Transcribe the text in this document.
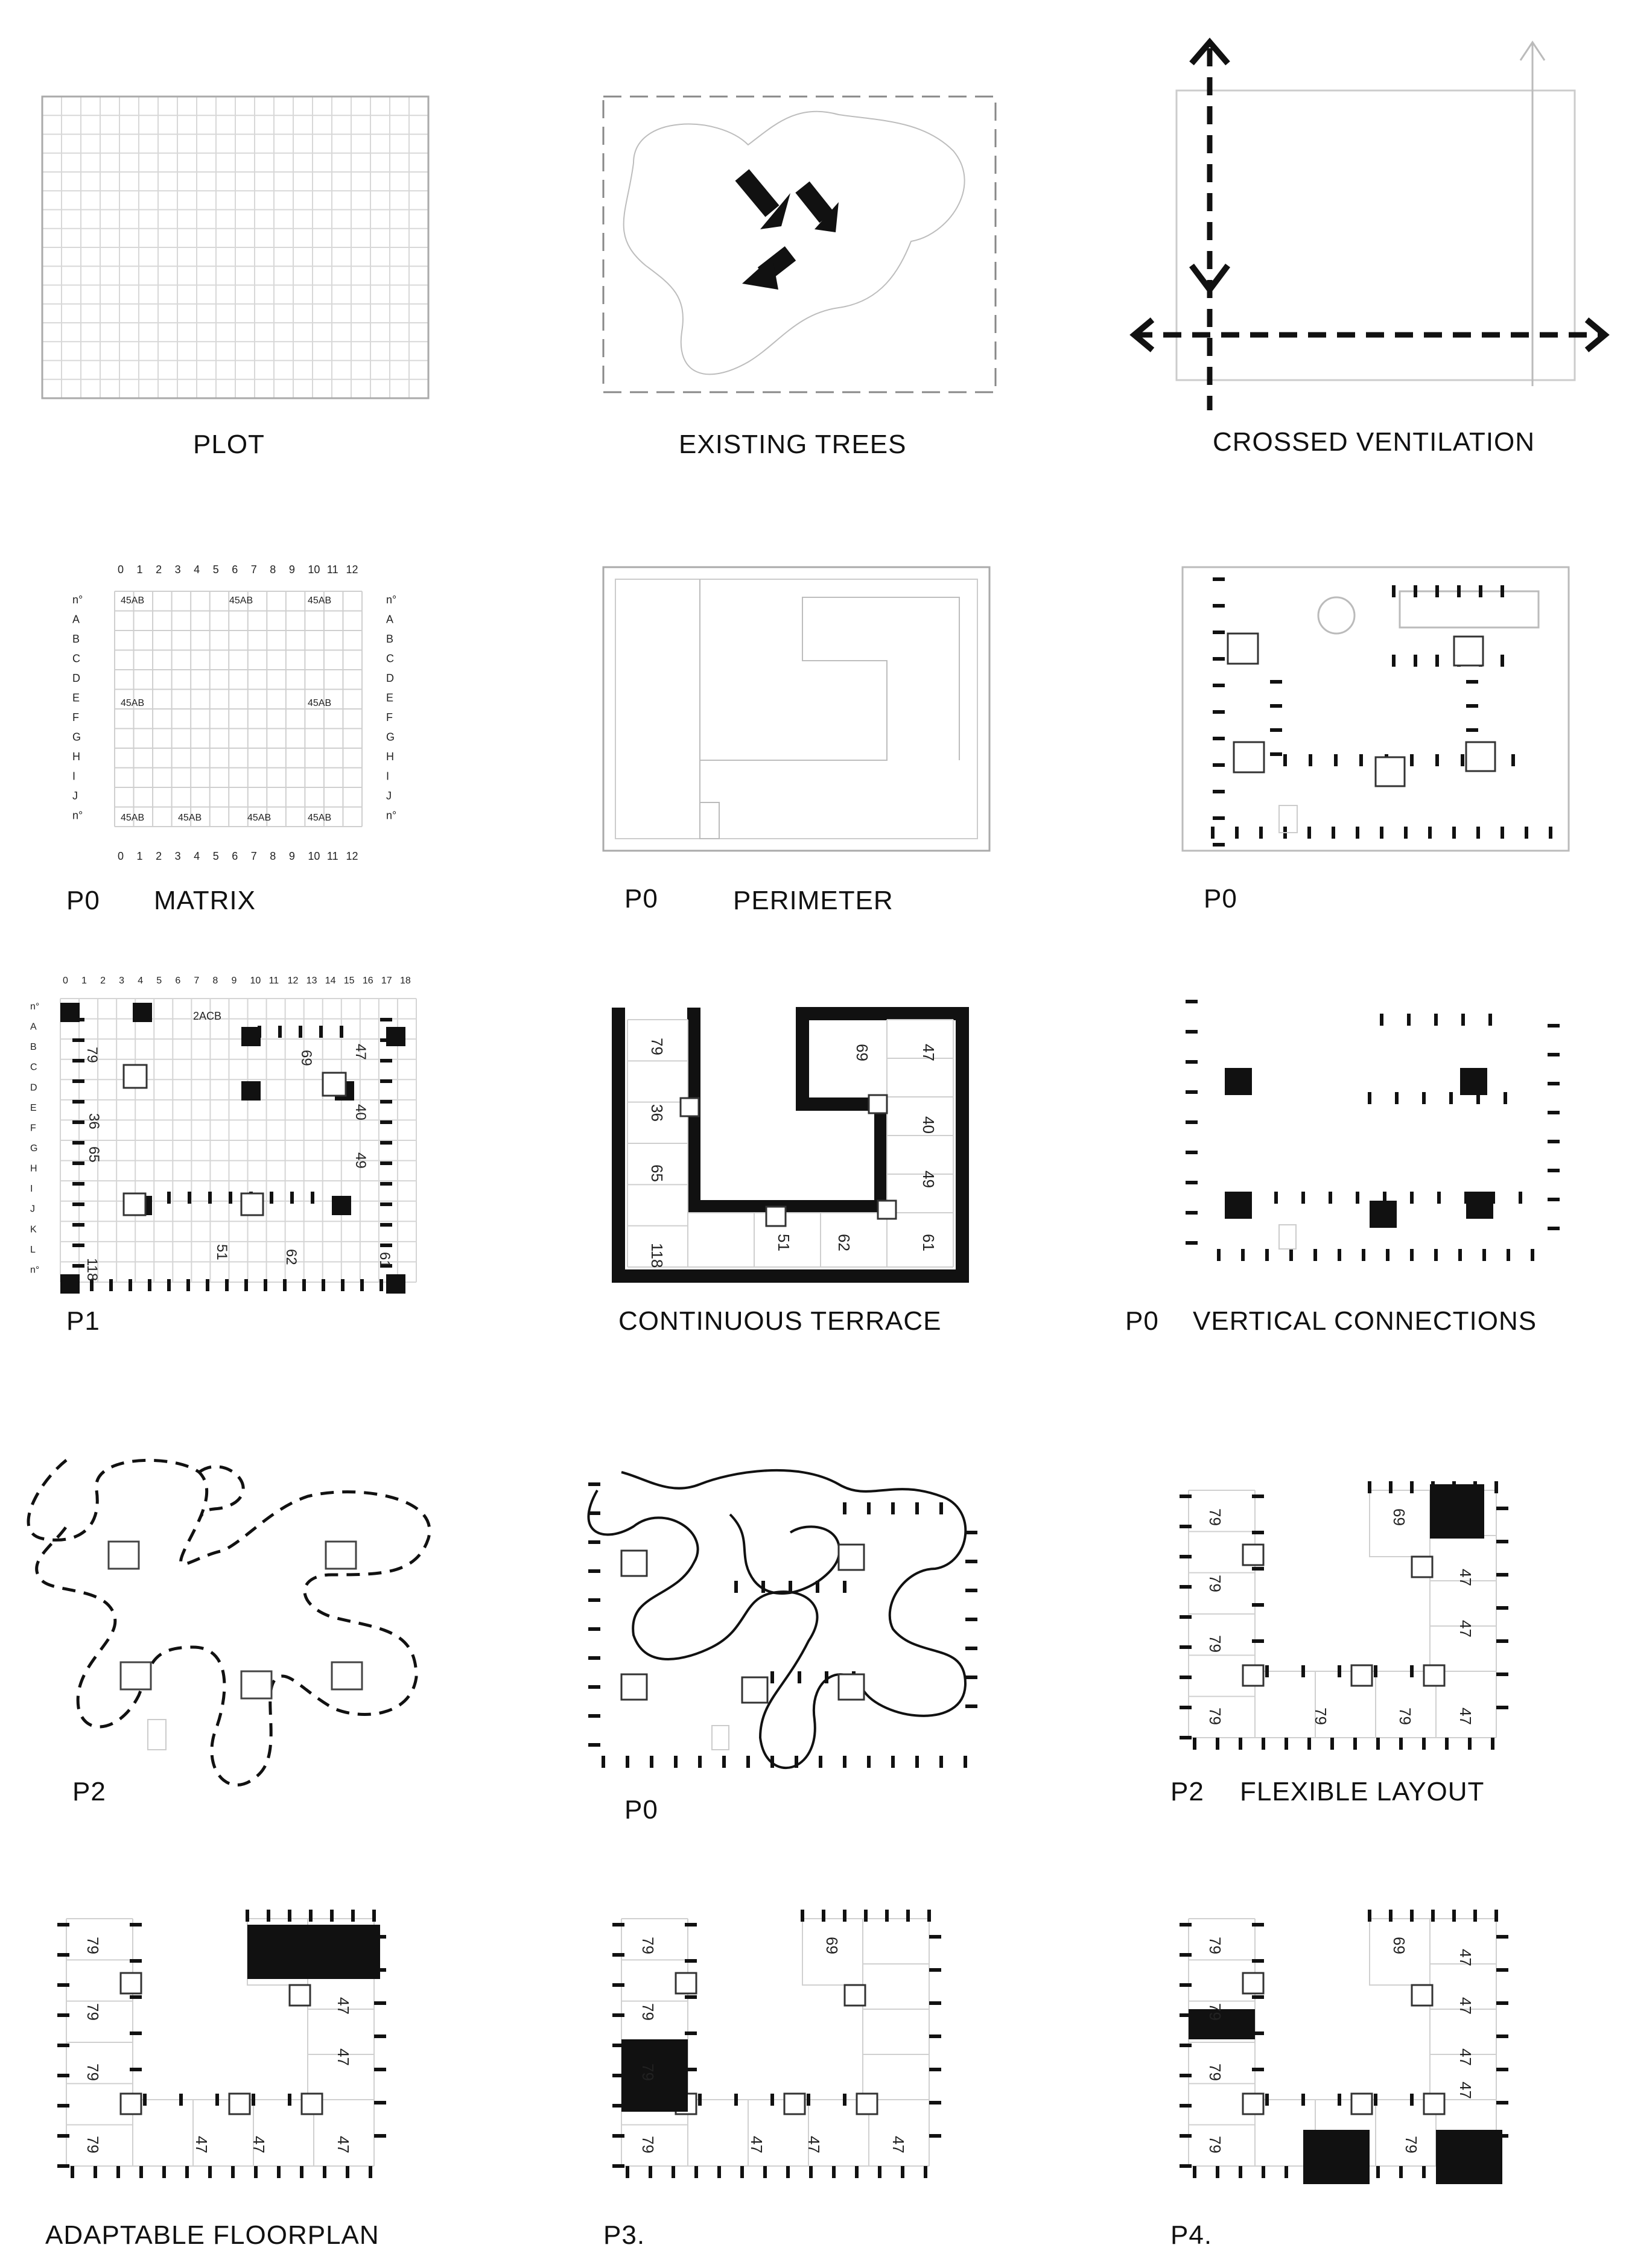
PLOT	EXISTING TREES	CROSSED VENTILATION
0
0
1
1
2
2
3
3
4
4
5
5
6
6
7
7
8
8
9
9
10
10
11
11
12
12
n°	n°
A	A
B	B
C	C
D	D
E	E
F	F
G	G
H	H
I	I
J	J
n°	n°
45AB	45AB	45AB
45AB	45AB
45AB	45AB	45AB	45AB
P0 MATRIX	P0	PERIMETER	P0
0 1 2 3 4 5 6 7 8 9 10 11 12 13 14 15 16 17 18
n°
A
B
C
D
E
F
G
H
I
J
K
L
n°
2ACB
79
36
65
118
51	62	61
69	47
40
49
P1
79
36
65
118
51	62	61
69	47
40
49
CONTINUOUS TERRACE	P0 VERTICAL CONNECTIONS
P2
P0
79
79
79
79	79	79
69
47
47
47
P2 FLEXIBLE LAYOUT
79
79
79
79	47	47
47
47
47
ADAPTABLE FLOORPLAN
79
79
79
79
69
47	47	47
P3.
79
79
79
79
69
47
47
47
79
47
P4.
